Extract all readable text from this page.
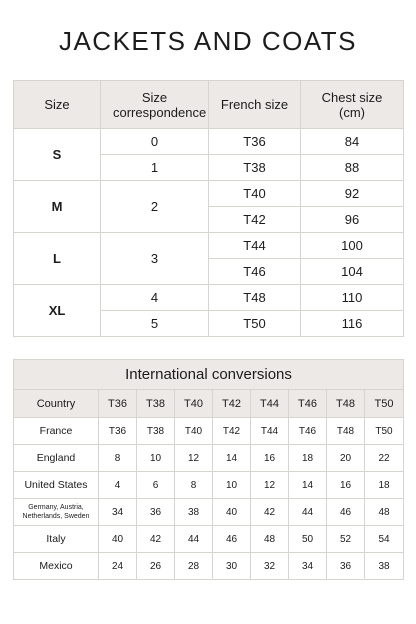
JACKETS AND COATS
Size	Size correspondence	French size	Chest size (cm)
S	0	T36	84
	1	T38	88
M	2	T40	92
		T42	96
L	3	T44	100
		T46	104
XL	4	T48	110
	5	T50	116
International conversions								
Country	T36	T38	T40	T42	T44	T46	T48	T50
France	T36	T38	T40	T42	T44	T46	T48	T50
England	8	10	12	14	16	18	20	22
United States	4	6	8	10	12	14	16	18
Germany, Austria, Netherlands, Sweden	34	36	38	40	42	44	46	48
Italy	40	42	44	46	48	50	52	54
Mexico	24	26	28	30	32	34	36	38
